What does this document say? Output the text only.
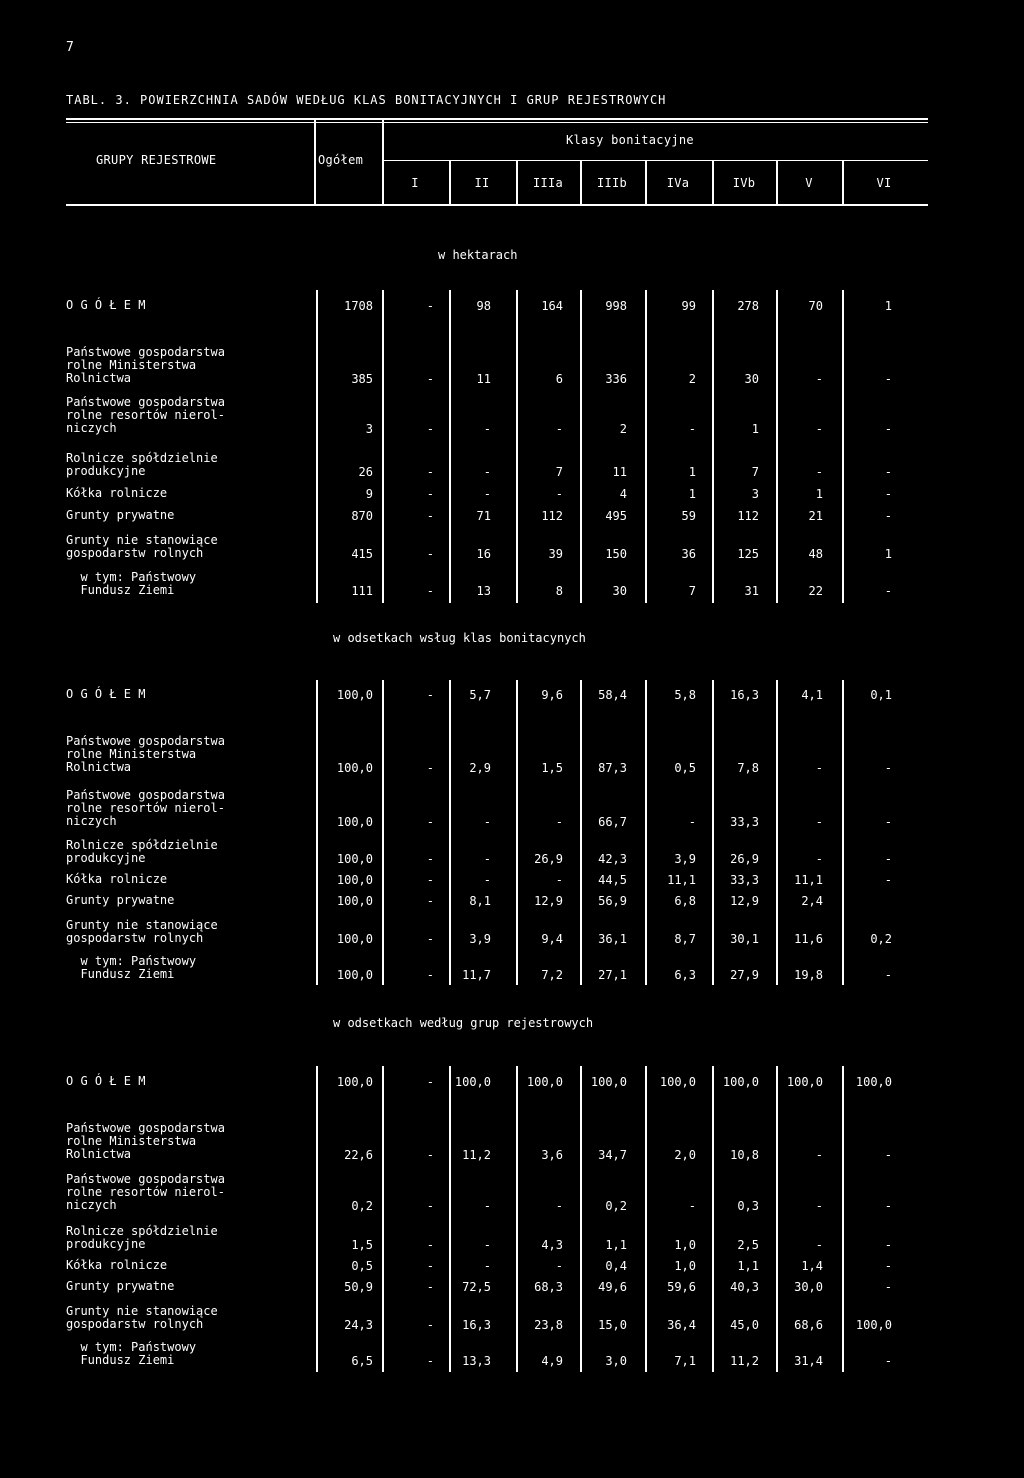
7
TABL. 3. POWIERZCHNIA SADÓW WEDŁUG KLAS BONITACYJNYCH I GRUP REJESTROWYCH
GRUPY REJESTROWE	Ogółem
Klasy bonitacyjne
I	II	IIIa	IIIb	IVa	IVb	V	VI
w hektarach
O G Ó Ł E M	1708	-	98	164	998	99	278	70	1
Państwowe gospodarstwa
rolne Ministerstwa
Rolnictwa	385	-	11	6	336	2	30	-	-
Państwowe gospodarstwa
rolne resortów nierol-
niczych	3	-	-	-	2	-	1	-	-
Rolnicze spółdzielnie
produkcyjne	26	-	-	7	11	1	7	-	-
Kółka rolnicze	9	-	-	-	4	1	3	1	-
Grunty prywatne	870	-	71	112	495	59	112	21	-
Grunty nie stanowiące
gospodarstw rolnych	415	-	16	39	150	36	125	48	1
w tym: Państwowy
Fundusz Ziemi	111	-	13	8	30	7	31	22	-
w odsetkach wsług klas bonitacynych
O G Ó Ł E M	100,0	-	5,7	9,6	58,4	5,8	16,3	4,1	0,1
Państwowe gospodarstwa
rolne Ministerstwa
Rolnictwa	100,0	-	2,9	1,5	87,3	0,5	7,8	-	-
Państwowe gospodarstwa
rolne resortów nierol-
niczych	100,0	-	-	-	66,7	-	33,3	-	-
Rolnicze spółdzielnie
produkcyjne	100,0	-	-	26,9	42,3	3,9	26,9	-	-
Kółka rolnicze	100,0	-	-	-	44,5	11,1	33,3	11,1	-
Grunty prywatne	100,0	-	8,1	12,9	56,9	6,8	12,9	2,4
Grunty nie stanowiące
gospodarstw rolnych	100,0	-	3,9	9,4	36,1	8,7	30,1	11,6	0,2
w tym: Państwowy
Fundusz Ziemi	100,0	-	11,7	7,2	27,1	6,3	27,9	19,8	-
w odsetkach według grup rejestrowych
O G Ó Ł E M	100,0	-	100,0	100,0	100,0	100,0	100,0	100,0	100,0
Państwowe gospodarstwa
rolne Ministerstwa
Rolnictwa	22,6	-	11,2	3,6	34,7	2,0	10,8	-	-
Państwowe gospodarstwa
rolne resortów nierol-
niczych	0,2	-	-	-	0,2	-	0,3	-	-
Rolnicze spółdzielnie
produkcyjne	1,5	-	-	4,3	1,1	1,0	2,5	-	-
Kółka rolnicze	0,5	-	-	-	0,4	1,0	1,1	1,4	-
Grunty prywatne	50,9	-	72,5	68,3	49,6	59,6	40,3	30,0	-
Grunty nie stanowiące
gospodarstw rolnych	24,3	-	16,3	23,8	15,0	36,4	45,0	68,6	100,0
w tym: Państwowy
Fundusz Ziemi	6,5	-	13,3	4,9	3,0	7,1	11,2	31,4	-
